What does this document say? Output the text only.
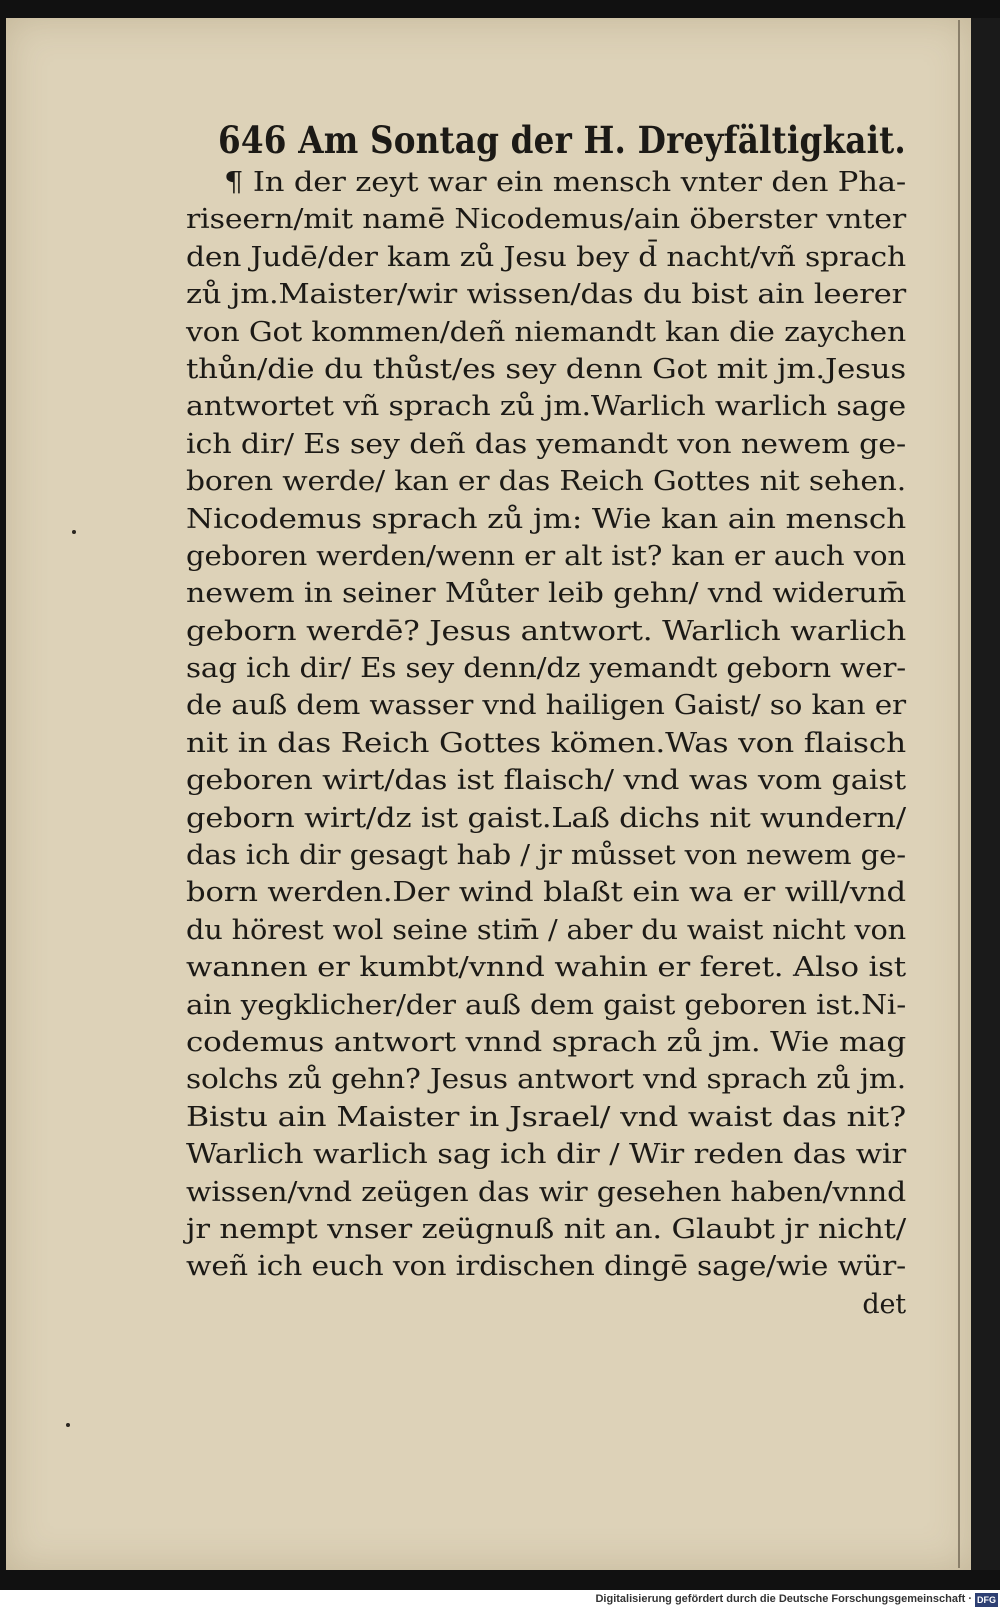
646 Am Sontag der H. Dreyfältigkait.
¶ In der zeyt war ein mensch vnter den Pha-
riseern/mit namē Nicodemus/ain öberster vnter
den Judē/der kam zů Jesu bey d̄ nacht/vñ sprach
zů jm.Maister/wir wissen/das du bist ain leerer
von Got kommen/deñ niemandt kan die zaychen
thůn/die du thůst/es sey denn Got mit jm.Jesus
antwortet vñ sprach zů jm.Warlich warlich sage
ich dir/ Es sey deñ das yemandt von newem ge-
boren werde/ kan er das Reich Gottes nit sehen.
Nicodemus sprach zů jm: Wie kan ain mensch
geboren werden/wenn er alt ist? kan er auch von
newem in seiner Můter leib gehn/ vnd widerum̄
geborn werdē? Jesus antwort. Warlich warlich
sag ich dir/ Es sey denn/dz yemandt geborn wer-
de auß dem wasser vnd hailigen Gaist/ so kan er
nit in das Reich Gottes kömen.Was von flaisch
geboren wirt/das ist flaisch/ vnd was vom gaist
geborn wirt/dz ist gaist.Laß dichs nit wundern/
das ich dir gesagt hab / jr můsset von newem ge-
born werden.Der wind blaßt ein wa er will/vnd
du hörest wol seine stim̄ / aber du waist nicht von
wannen er kumbt/vnnd wahin er feret. Also ist
ain yegklicher/der auß dem gaist geboren ist.Ni-
codemus antwort vnnd sprach zů jm. Wie mag
solchs zů gehn? Jesus antwort vnd sprach zů jm.
Bistu ain Maister in Jsrael/ vnd waist das nit?
Warlich warlich sag ich dir / Wir reden das wir
wissen/vnd zeügen das wir gesehen haben/vnnd
jr nempt vnser zeügnuß nit an. Glaubt jr nicht/
weñ ich euch von irdischen dingē sage/wie wür-
det
Digitalisierung gefördert durch die Deutsche Forschungsgemeinschaft · DFG
